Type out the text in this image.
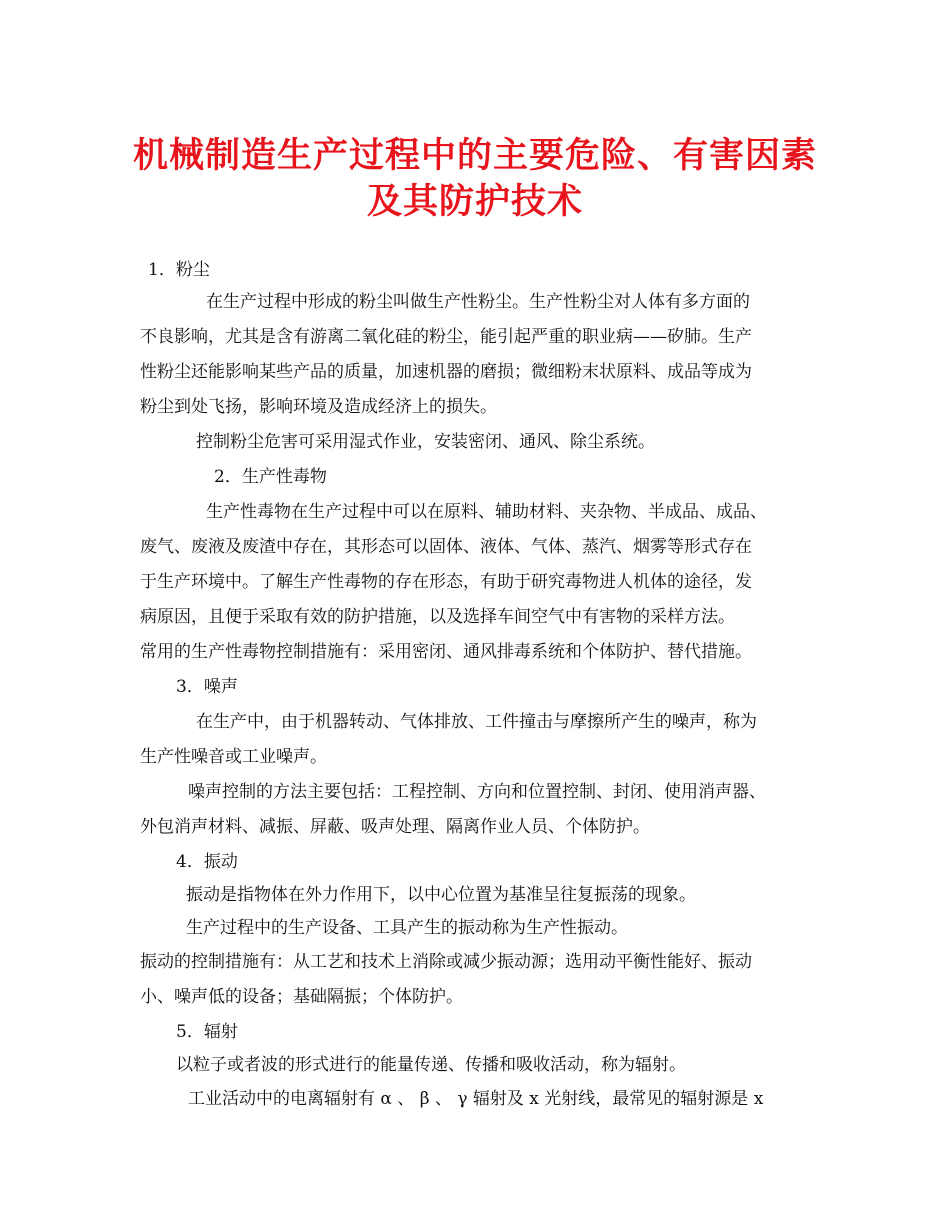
机械制造生产过程中的主要危险、有害因素
及其防护技术
1．粉尘
在生产过程中形成的粉尘叫做生产性粉尘。生产性粉尘对人体有多方面的
不良影响，尤其是含有游离二氧化硅的粉尘，能引起严重的职业病——矽肺。生产
性粉尘还能影响某些产品的质量，加速机器的磨损；微细粉末状原料、成品等成为
粉尘到处飞扬，影响环境及造成经济上的损失。
控制粉尘危害可采用湿式作业，安装密闭、通风、除尘系统。
2．生产性毒物
生产性毒物在生产过程中可以在原料、辅助材料、夹杂物、半成品、成品、
废气、废液及废渣中存在，其形态可以固体、液体、气体、蒸汽、烟雾等形式存在
于生产环境中。了解生产性毒物的存在形态，有助于研究毒物进人机体的途径，发
病原因，且便于采取有效的防护措施，以及选择车间空气中有害物的采样方法。
常用的生产性毒物控制措施有：采用密闭、通风排毒系统和个体防护、替代措施。
3．噪声
在生产中，由于机器转动、气体排放、工件撞击与摩擦所产生的噪声，称为
生产性噪音或工业噪声。
噪声控制的方法主要包括：工程控制、方向和位置控制、封闭、使用消声器、
外包消声材料、减振、屏蔽、吸声处理、隔离作业人员、个体防护。
4．振动
振动是指物体在外力作用下，以中心位置为基准呈往复振荡的现象。
生产过程中的生产设备、工具产生的振动称为生产性振动。
振动的控制措施有：从工艺和技术上消除或减少振动源；选用动平衡性能好、振动
小、噪声低的设备；基础隔振；个体防护。
5．辐射
以粒子或者波的形式进行的能量传递、传播和吸收活动，称为辐射。
工业活动中的电离辐射有 α 、 β 、 γ 辐射及 x 光射线，最常见的辐射源是 x
